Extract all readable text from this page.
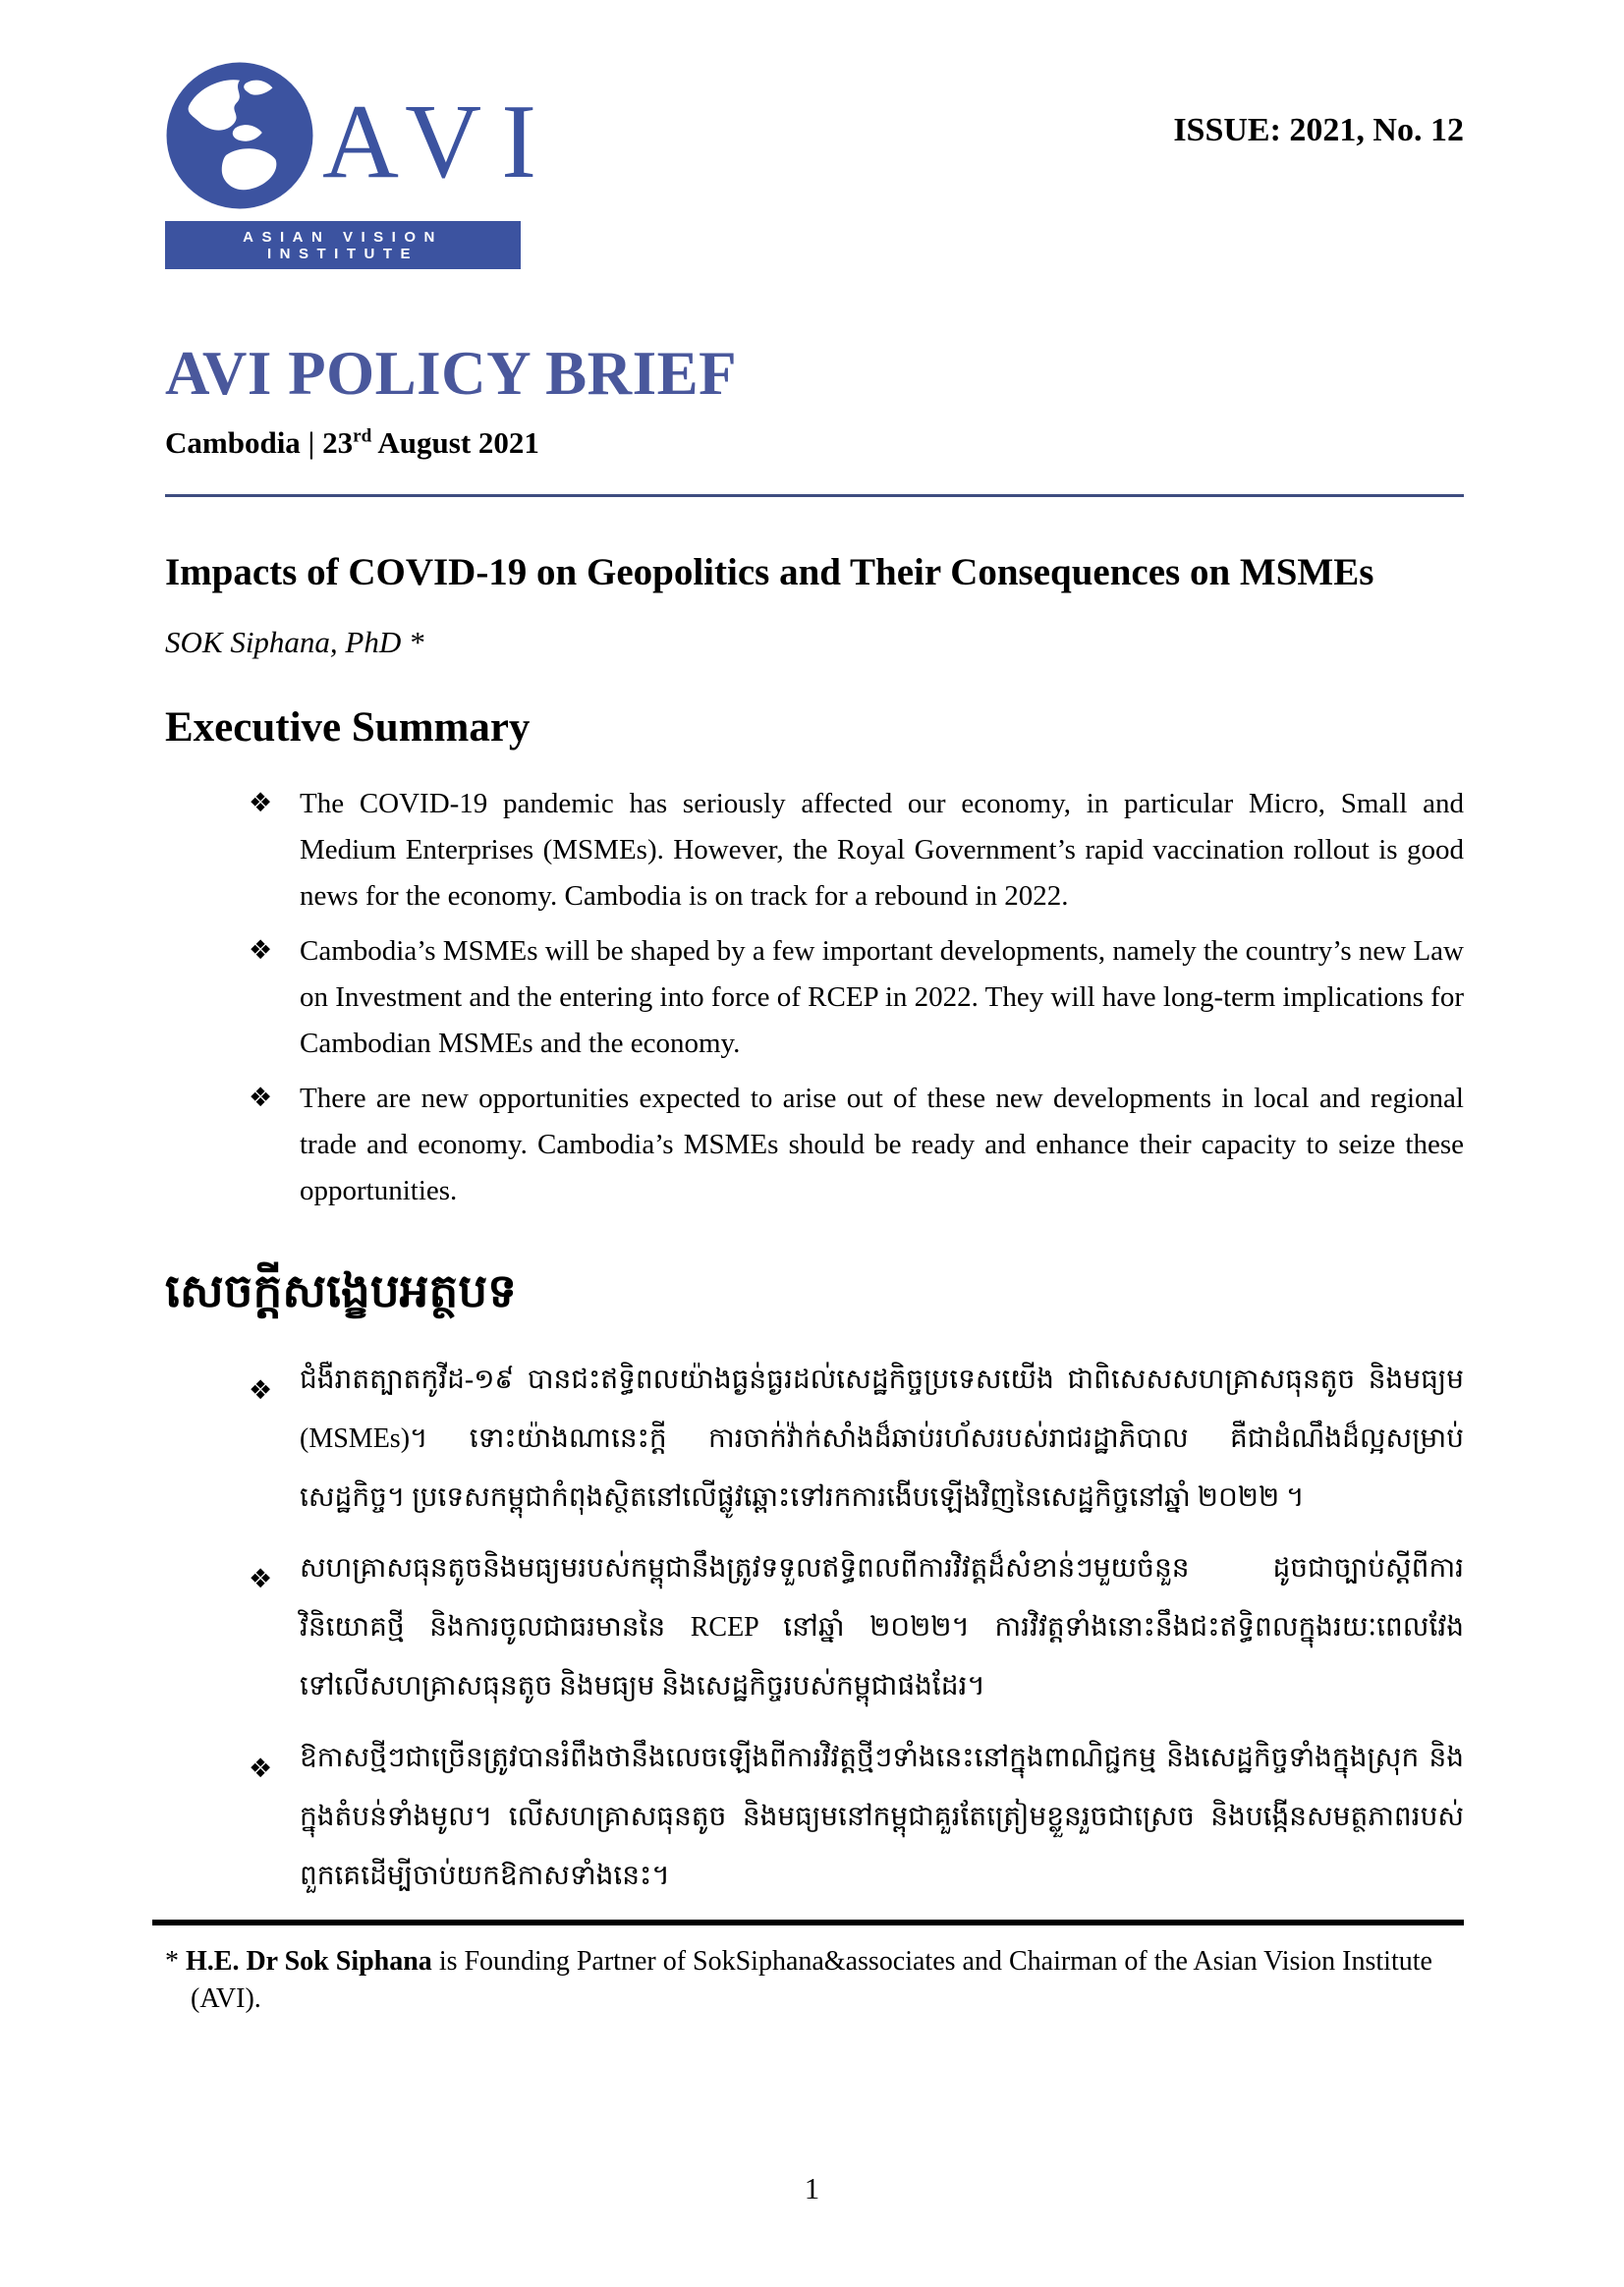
AVI
ASIAN VISION INSTITUTE
ISSUE: 2021, No. 12
AVI POLICY BRIEF
Cambodia | 23rd August 2021
Impacts of COVID-19 on Geopolitics and Their Consequences on MSMEs
SOK Siphana, PhD *
Executive Summary
❖ The COVID-19 pandemic has seriously affected our economy, in particular Micro, Small and Medium Enterprises (MSMEs). However, the Royal Government’s rapid vaccination rollout is good news for the economy. Cambodia is on track for a rebound in 2022.
❖ Cambodia’s MSMEs will be shaped by a few important developments, namely the country’s new Law on Investment and the entering into force of RCEP in 2022. They will have long-term implications for Cambodian MSMEs and the economy.
❖ There are new opportunities expected to arise out of these new developments in local and regional trade and economy. Cambodia’s MSMEs should be ready and enhance their capacity to seize these opportunities.
សេចក្តីសង្ខេបអត្ថបទ
❖ ជំងឺរាតត្បាតកូវីដ-១៩ បានជះឥទ្ធិពលយ៉ាងធ្ងន់ធ្ងរដល់សេដ្ឋកិច្ចប្រទេសយើង ជាពិសេសសហគ្រាសធុនតូច និងមធ្យម (MSMEs)។ ទោះយ៉ាងណានេះក្ដី ការចាក់វ៉ាក់សាំងដ៏ឆាប់រហ័សរបស់រាជរដ្ឋាភិបាល គឺជាដំណឹងដ៏ល្អសម្រាប់សេដ្ឋកិច្ច។ ប្រទេសកម្ពុជាកំពុងស្ថិតនៅលើផ្លូវឆ្ពោះទៅរកការងើបឡើងវិញនៃសេដ្ឋកិច្ចនៅឆ្នាំ ២០២២ ។
❖ សហគ្រាសធុនតូចនិងមធ្យមរបស់កម្ពុជានឹងត្រូវទទួលឥទ្ធិពលពីការវិវត្តដ៏សំខាន់ៗមួយចំនួន ដូចជាច្បាប់ស្ដីពីការវិនិយោគថ្មី និងការចូលជាធរមាននៃ RCEP នៅឆ្នាំ ២០២២។ ការវិវត្តទាំងនោះនឹងជះឥទ្ធិពលក្នុងរយៈពេលវែងទៅលើសហគ្រាសធុនតូច និងមធ្យម និងសេដ្ឋកិច្ចរបស់កម្ពុជាផងដែរ។
❖ ឱកាសថ្មីៗជាច្រើនត្រូវបានរំពឹងថានឹងលេចឡើងពីការវិវត្តថ្មីៗទាំងនេះនៅក្នុងពាណិជ្ជកម្ម និងសេដ្ឋកិច្ចទាំងក្នុងស្រុក និងក្នុងតំបន់ទាំងមូល។ លើសហគ្រាសធុនតូច និងមធ្យមនៅកម្ពុជាគួរតែត្រៀមខ្លួនរួចជាស្រេច និងបង្កើនសមត្ថភាពរបស់ពួកគេដើម្បីចាប់យកឱកាសទាំងនេះ។
* H.E. Dr Sok Siphana is Founding Partner of SokSiphana&associates and Chairman of the Asian Vision Institute (AVI).
1
